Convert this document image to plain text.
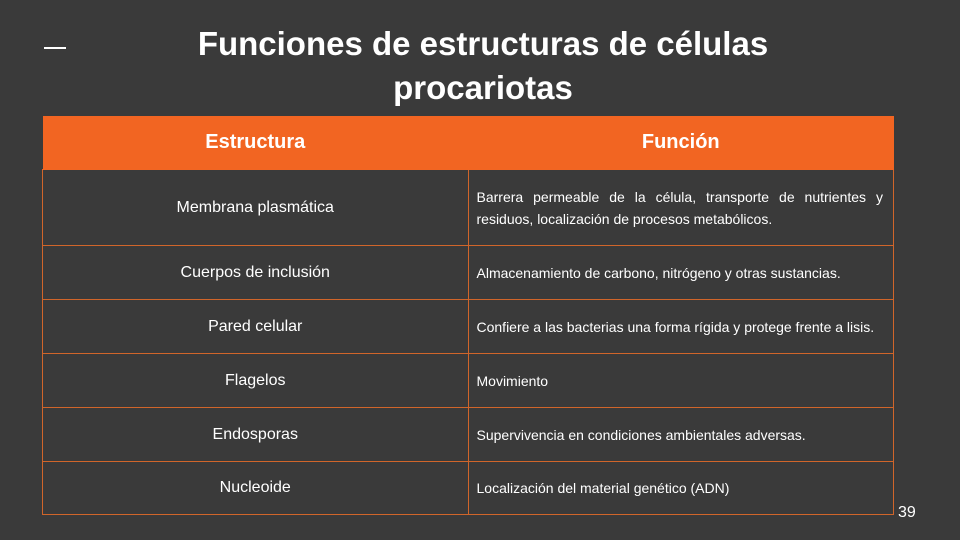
Funciones de estructuras de células procariotas
Estructura	Función
Membrana plasmática	Barrera permeable de la célula, transporte de nutrientes y residuos, localización de procesos metabólicos.
Cuerpos de inclusión	Almacenamiento de carbono, nitrógeno y otras sustancias.
Pared celular	Confiere a las bacterias una forma rígida y protege frente a lisis.
Flagelos	Movimiento
Endosporas	Supervivencia en condiciones ambientales adversas.
Nucleoide	Localización del material genético (ADN)
39
